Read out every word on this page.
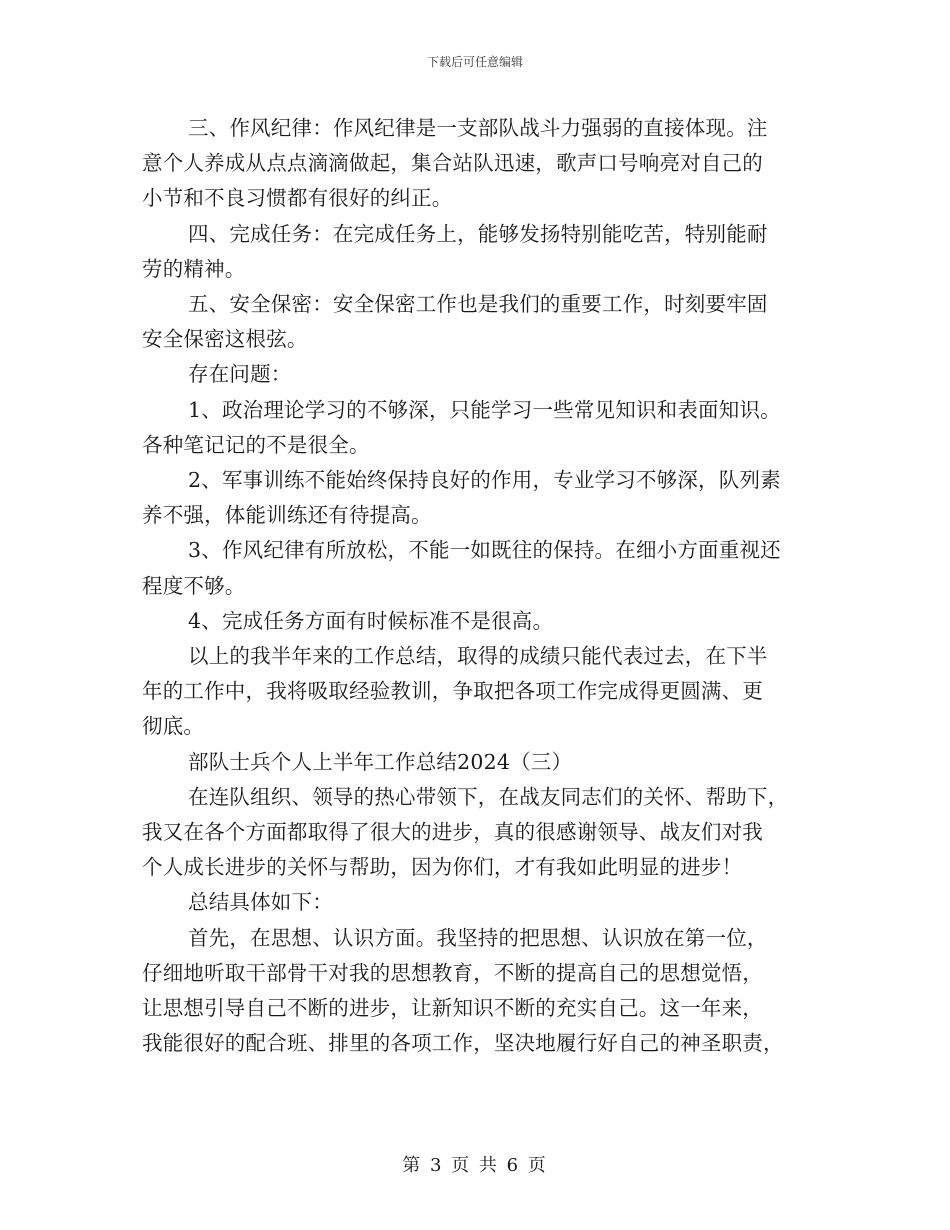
下载后可任意编辑

三、作风纪律：作风纪律是一支部队战斗力强弱的直接体现。注
意个人养成从点点滴滴做起，集合站队迅速，歌声口号响亮对自己的
小节和不良习惯都有很好的纠正。

四、完成任务：在完成任务上，能够发扬特别能吃苦，特别能耐
劳的精神。

五、安全保密：安全保密工作也是我们的重要工作，时刻要牢固
安全保密这根弦。

存在问题：

1、政治理论学习的不够深，只能学习一些常见知识和表面知识。
各种笔记记的不是很全。

2、军事训练不能始终保持良好的作用，专业学习不够深，队列素
养不强，体能训练还有待提高。

3、作风纪律有所放松，不能一如既往的保持。在细小方面重视还
程度不够。

4、完成任务方面有时候标准不是很高。

以上的我半年来的工作总结，取得的成绩只能代表过去，在下半
年的工作中，我将吸取经验教训，争取把各项工作完成得更圆满、更
彻底。

部队士兵个人上半年工作总结2024（三）

在连队组织、领导的热心带领下，在战友同志们的关怀、帮助下，
我又在各个方面都取得了很大的进步，真的很感谢领导、战友们对我
个人成长进步的关怀与帮助，因为你们，才有我如此明显的进步！

总结具体如下：

首先，在思想、认识方面。我坚持的把思想、认识放在第一位，
仔细地听取干部骨干对我的思想教育，不断的提高自己的思想觉悟，
让思想引导自己不断的进步，让新知识不断的充实自己。这一年来，
我能很好的配合班、排里的各项工作，坚决地履行好自己的神圣职责，

第 3 页 共 6 页
